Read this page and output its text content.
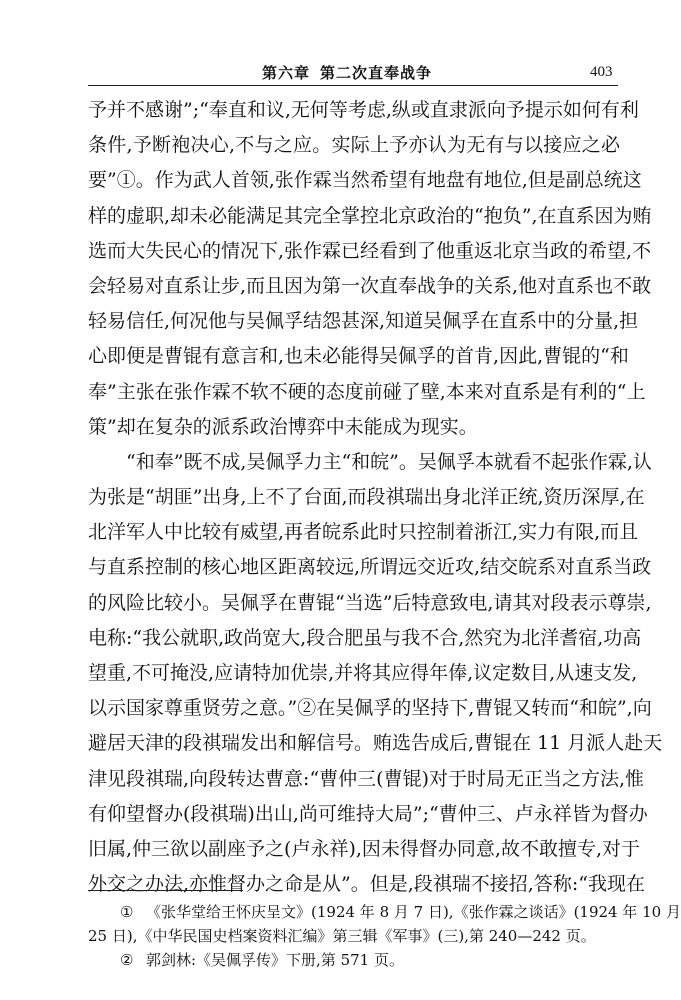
第六章 第二次直奉战争	403
予并不感谢”;“奉直和议,无何等考虑,纵或直隶派向予提示如何有利
条件,予断袍决心,不与之应。实际上予亦认为无有与以接应之必
要”①。作为武人首领,张作霖当然希望有地盘有地位,但是副总统这
样的虚职,却未必能满足其完全掌控北京政治的“抱负”,在直系因为贿
选而大失民心的情况下,张作霖已经看到了他重返北京当政的希望,不
会轻易对直系让步,而且因为第一次直奉战争的关系,他对直系也不敢
轻易信任,何况他与吴佩孚结怨甚深,知道吴佩孚在直系中的分量,担
心即便是曹锟有意言和,也未必能得吴佩孚的首肯,因此,曹锟的“和
奉”主张在张作霖不软不硬的态度前碰了壁,本来对直系是有利的“上
策”却在复杂的派系政治博弈中未能成为现实。
“和奉”既不成,吴佩孚力主“和皖”。吴佩孚本就看不起张作霖,认
为张是“胡匪”出身,上不了台面,而段祺瑞出身北洋正统,资历深厚,在
北洋军人中比较有威望,再者皖系此时只控制着浙江,实力有限,而且
与直系控制的核心地区距离较远,所谓远交近攻,结交皖系对直系当政
的风险比较小。吴佩孚在曹锟“当选”后特意致电,请其对段表示尊崇,
电称:“我公就职,政尚宽大,段合肥虽与我不合,然究为北洋耆宿,功高
望重,不可掩没,应请特加优崇,并将其应得年俸,议定数目,从速支发,
以示国家尊重贤劳之意。”②在吴佩孚的坚持下,曹锟又转而“和皖”,向
避居天津的段祺瑞发出和解信号。贿选告成后,曹锟在 11 月派人赴天
津见段祺瑞,向段转达曹意:“曹仲三(曹锟)对于时局无正当之方法,惟
有仰望督办(段祺瑞)出山,尚可维持大局”;“曹仲三、卢永祥皆为督办
旧属,仲三欲以副座予之(卢永祥),因未得督办同意,故不敢擅专,对于
外交之办法,亦惟督办之命是从”。但是,段祺瑞不接招,答称:“我现在
① 《张华堂给王怀庆呈文》(1924 年 8 月 7 日),《张作霖之谈话》(1924 年 10 月
25 日),《中华民国史档案资料汇编》第三辑《军事》(三),第 240—242 页。
② 郭剑林:《吴佩孚传》下册,第 571 页。
